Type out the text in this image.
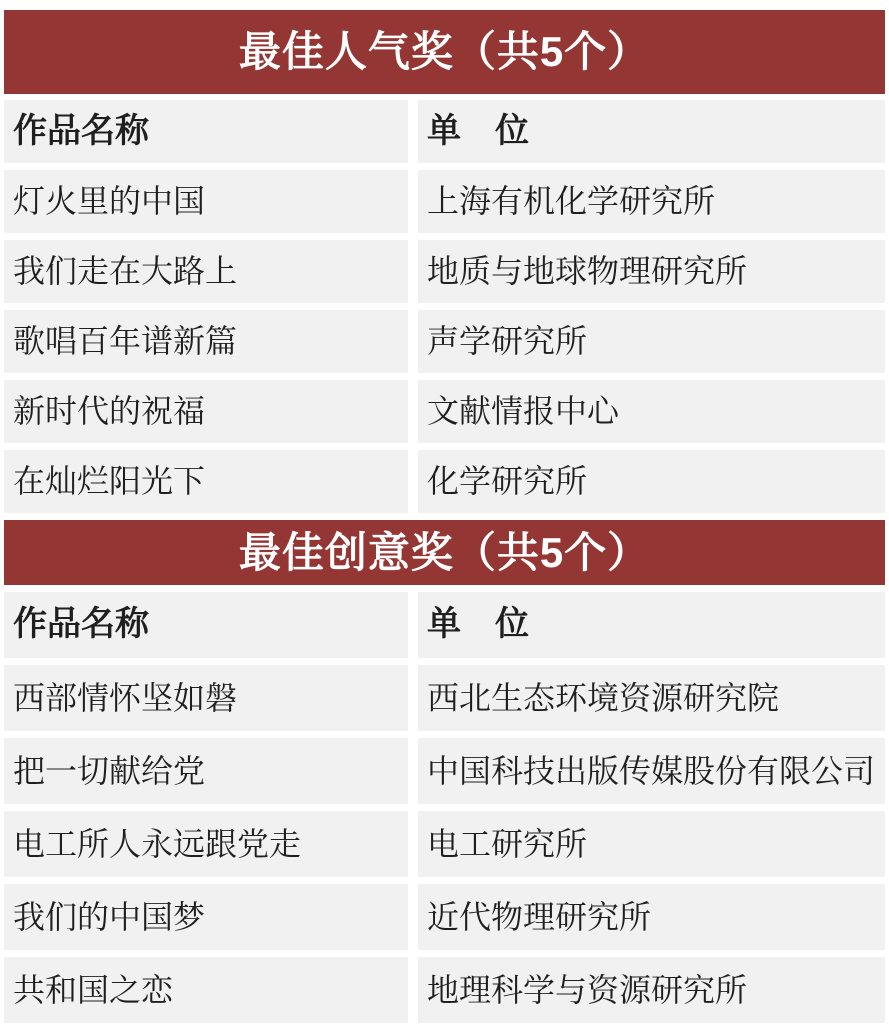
最佳人气奖（共5个）
作品名称	单　位
灯火里的中国	上海有机化学研究所
我们走在大路上	地质与地球物理研究所
歌唱百年谱新篇	声学研究所
新时代的祝福	文献情报中心
在灿烂阳光下	化学研究所
最佳创意奖（共5个）
作品名称	单　位
西部情怀坚如磐	西北生态环境资源研究院
把一切献给党	中国科技出版传媒股份有限公司
电工所人永远跟党走	电工研究所
我们的中国梦	近代物理研究所
共和国之恋	地理科学与资源研究所
